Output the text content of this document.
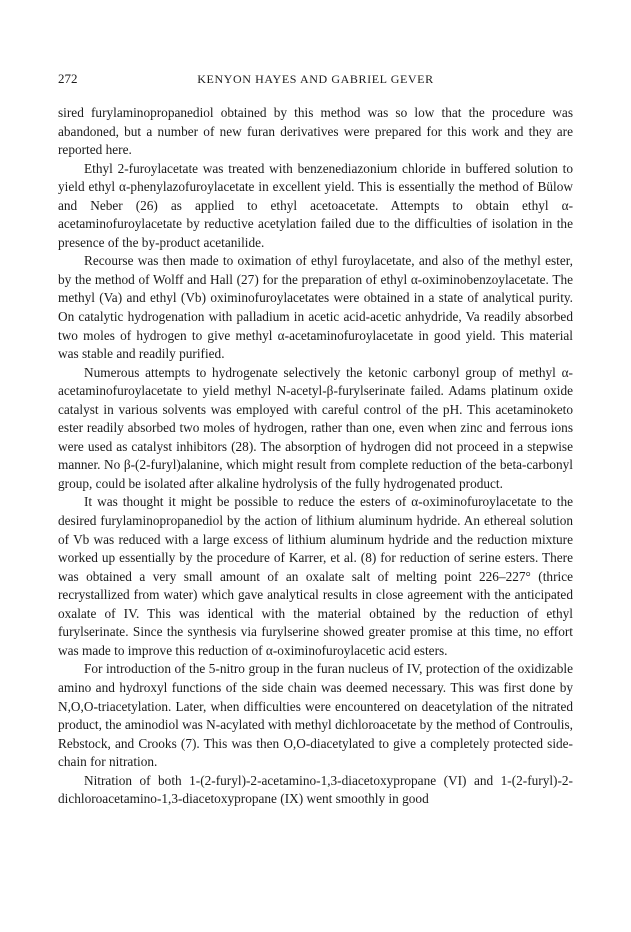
272	KENYON HAYES AND GABRIEL GEVER

sired furylaminopropanediol obtained by this method was so low that the procedure was abandoned, but a number of new furan derivatives were prepared for this work and they are reported here.

Ethyl 2-furoylacetate was treated with benzenediazonium chloride in buffered solution to yield ethyl α-phenylazofuroylacetate in excellent yield. This is essentially the method of Bülow and Neber (26) as applied to ethyl acetoacetate. Attempts to obtain ethyl α-acetaminofuroylacetate by reductive acetylation failed due to the difficulties of isolation in the presence of the by-product acetanilide.

Recourse was then made to oximation of ethyl furoylacetate, and also of the methyl ester, by the method of Wolff and Hall (27) for the preparation of ethyl α-oximinobenzoylacetate. The methyl (Va) and ethyl (Vb) oximinofuroylacetates were obtained in a state of analytical purity. On catalytic hydrogenation with palladium in acetic acid-acetic anhydride, Va readily absorbed two moles of hydrogen to give methyl α-acetaminofuroylacetate in good yield. This material was stable and readily purified.

Numerous attempts to hydrogenate selectively the ketonic carbonyl group of methyl α-acetaminofuroylacetate to yield methyl N-acetyl-β-furylserinate failed. Adams platinum oxide catalyst in various solvents was employed with careful control of the pH. This acetaminoketo ester readily absorbed two moles of hydrogen, rather than one, even when zinc and ferrous ions were used as catalyst inhibitors (28). The absorption of hydrogen did not proceed in a stepwise manner. No β-(2-furyl)alanine, which might result from complete reduction of the beta-carbonyl group, could be isolated after alkaline hydrolysis of the fully hydrogenated product.

It was thought it might be possible to reduce the esters of α-oximinofuroylacetate to the desired furylaminopropanediol by the action of lithium aluminum hydride. An ethereal solution of Vb was reduced with a large excess of lithium aluminum hydride and the reduction mixture worked up essentially by the procedure of Karrer, et al. (8) for reduction of serine esters. There was obtained a very small amount of an oxalate salt of melting point 226–227° (thrice recrystallized from water) which gave analytical results in close agreement with the anticipated oxalate of IV. This was identical with the material obtained by the reduction of ethyl furylserinate. Since the synthesis via furylserine showed greater promise at this time, no effort was made to improve this reduction of α-oximinofuroylacetic acid esters.

For introduction of the 5-nitro group in the furan nucleus of IV, protection of the oxidizable amino and hydroxyl functions of the side chain was deemed necessary. This was first done by N,O,O-triacetylation. Later, when difficulties were encountered on deacetylation of the nitrated product, the aminodiol was N-acylated with methyl dichloroacetate by the method of Controulis, Rebstock, and Crooks (7). This was then O,O-diacetylated to give a completely protected side-chain for nitration.

Nitration of both 1-(2-furyl)-2-acetamino-1,3-diacetoxypropane (VI) and 1-(2-furyl)-2-dichloroacetamino-1,3-diacetoxypropane (IX) went smoothly in good
